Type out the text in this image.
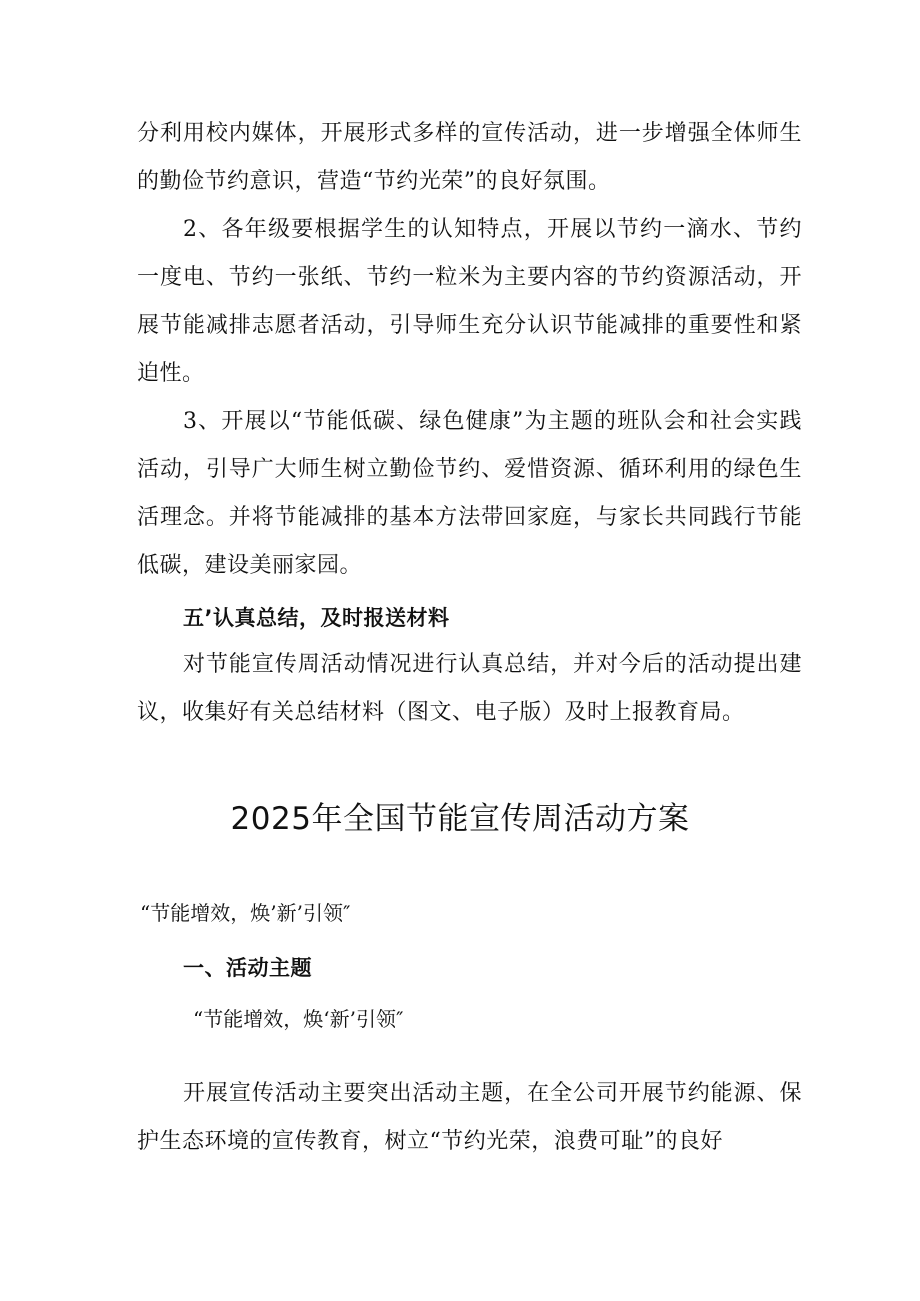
分利用校内媒体，开展形式多样的宣传活动，进一步增强全体师生的勤俭节约意识，营造“节约光荣”的良好氛围。
2、各年级要根据学生的认知特点，开展以节约一滴水、节约一度电、节约一张纸、节约一粒米为主要内容的节约资源活动，开展节能减排志愿者活动，引导师生充分认识节能减排的重要性和紧迫性。
3、开展以“节能低碳、绿色健康”为主题的班队会和社会实践活动，引导广大师生树立勤俭节约、爱惜资源、循环利用的绿色生活理念。并将节能减排的基本方法带回家庭，与家长共同践行节能低碳，建设美丽家园。
五’认真总结，及时报送材料
对节能宣传周活动情况进行认真总结，并对今后的活动提出建议，收集好有关总结材料（图文、电子版）及时上报教育局。
2025年全国节能宣传周活动方案
“节能增效，焕’新’引领″
一、活动主题
“节能增效，焕‘新’引领″
开展宣传活动主要突出活动主题，在全公司开展节约能源、保护生态环境的宣传教育，树立“节约光荣，浪费可耻”的良好
